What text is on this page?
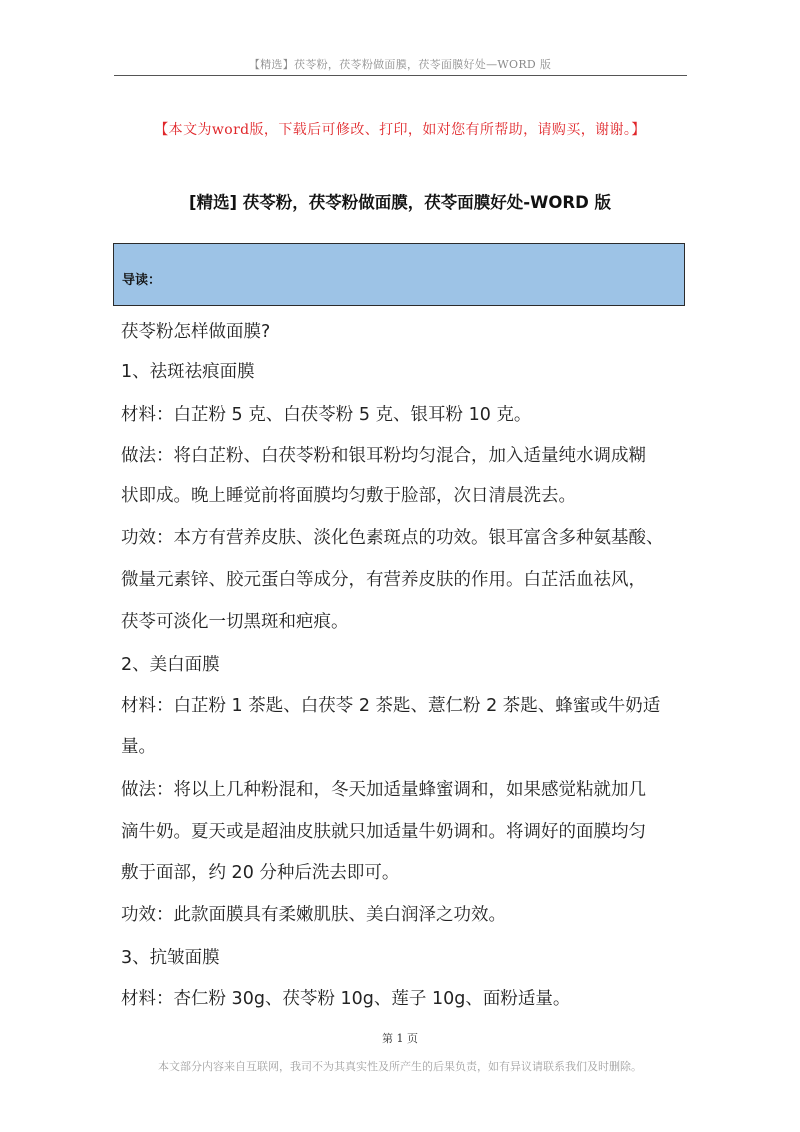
【精选】茯苓粉，茯苓粉做面膜，茯苓面膜好处—WORD 版
【本文为word版，下载后可修改、打印，如对您有所帮助，请购买，谢谢。】
[精选] 茯苓粉，茯苓粉做面膜，茯苓面膜好处-WORD 版
导读：
茯苓粉怎样做面膜?
1、祛斑祛痕面膜
材料：白芷粉 5 克、白茯苓粉 5 克、银耳粉 10 克。
做法：将白芷粉、白茯苓粉和银耳粉均匀混合，加入适量纯水调成糊
状即成。晚上睡觉前将面膜均匀敷于脸部，次日清晨洗去。
功效：本方有营养皮肤、淡化色素斑点的功效。银耳富含多种氨基酸、
微量元素锌、胶元蛋白等成分，有营养皮肤的作用。白芷活血祛风，
茯苓可淡化一切黑斑和疤痕。
2、美白面膜
材料：白芷粉 1 茶匙、白茯苓 2 茶匙、薏仁粉 2 茶匙、蜂蜜或牛奶适
量。
做法：将以上几种粉混和，冬天加适量蜂蜜调和，如果感觉粘就加几
滴牛奶。夏天或是超油皮肤就只加适量牛奶调和。将调好的面膜均匀
敷于面部，约 20 分种后洗去即可。
功效：此款面膜具有柔嫩肌肤、美白润泽之功效。
3、抗皱面膜
材料：杏仁粉 30g、茯苓粉 10g、莲子 10g、面粉适量。
第 1 页
本文部分内容来自互联网，我司不为其真实性及所产生的后果负责，如有异议请联系我们及时删除。
